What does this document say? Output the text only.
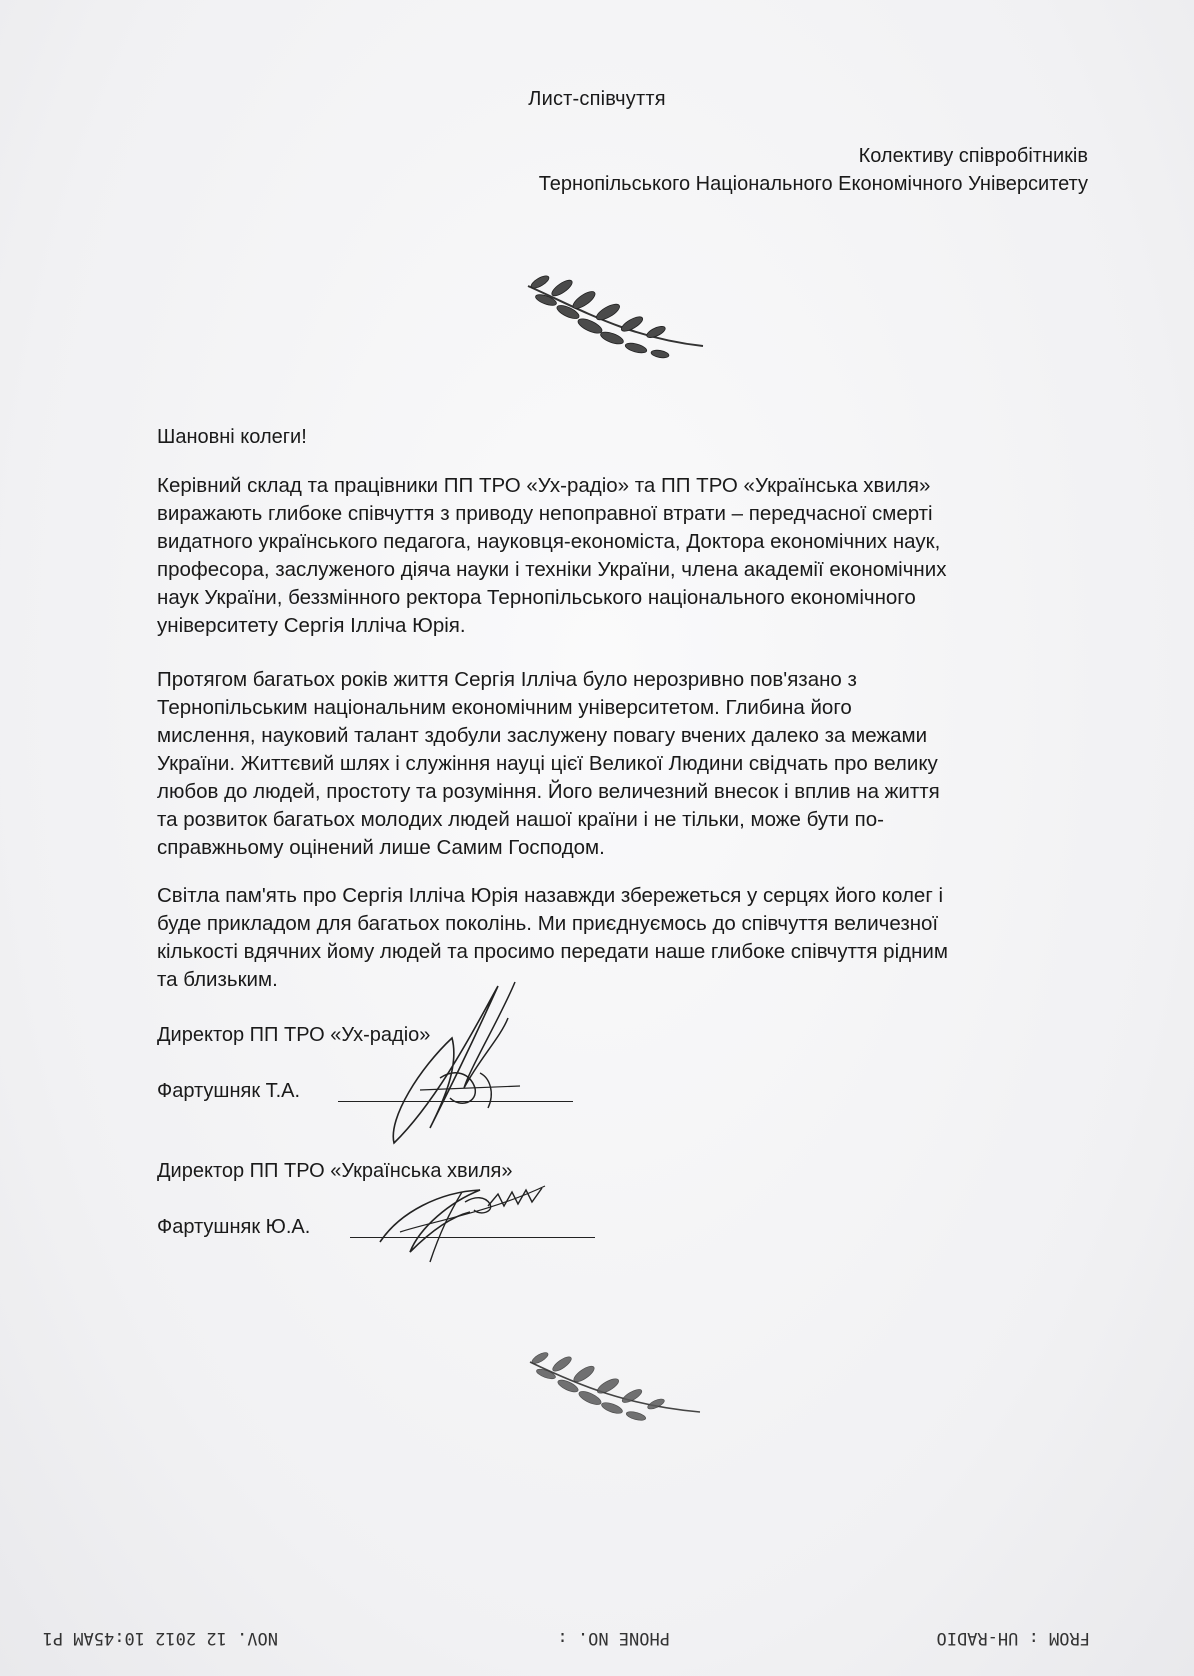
Лист-співчуття
Колективу співробітників
Тернопільського Національного Економічного Університету
Шановні колеги!
Керівний склад та працівники ПП ТРО «Ух-радіо» та ПП ТРО «Українська хвиля»
виражають глибоке співчуття з приводу непоправної втрати – передчасної смерті
видатного українського педагога, науковця-економіста, Доктора економічних наук,
професора, заслуженого діяча науки і техніки України, члена академії економічних
наук України, беззмінного ректора Тернопільського національного економічного
університету Сергія Ілліча Юрія.
Протягом багатьох років життя Сергія Ілліча було нерозривно пов'язано з
Тернопільським національним економічним університетом. Глибина його
мислення, науковий талант здобули заслужену повагу вчених далеко за межами
України. Життєвий шлях і служіння науці цієї Великої Людини свідчать про велику
любов до людей, простоту та розуміння. Його величезний внесок і вплив на життя
та розвиток багатьох молодих людей нашої країни і не тільки, може бути по-
справжньому оцінений лише Самим Господом.
Світла пам'ять про Сергія Ілліча Юрія назавжди збережеться у серцях його колег і
буде прикладом для багатьох поколінь. Ми приєднуємось до співчуття величезної
кількості вдячних йому людей та просимо передати наше глибоке співчуття рідним
та близьким.
Директор ПП ТРО «Ух-радіо»
Фартушняк Т.А.
Директор ПП ТРО «Українська хвиля»
Фартушняк Ю.А.
NOV. 12 2012 10:45AM P1	PHONE NO. :	FROM : UH-RADIO
